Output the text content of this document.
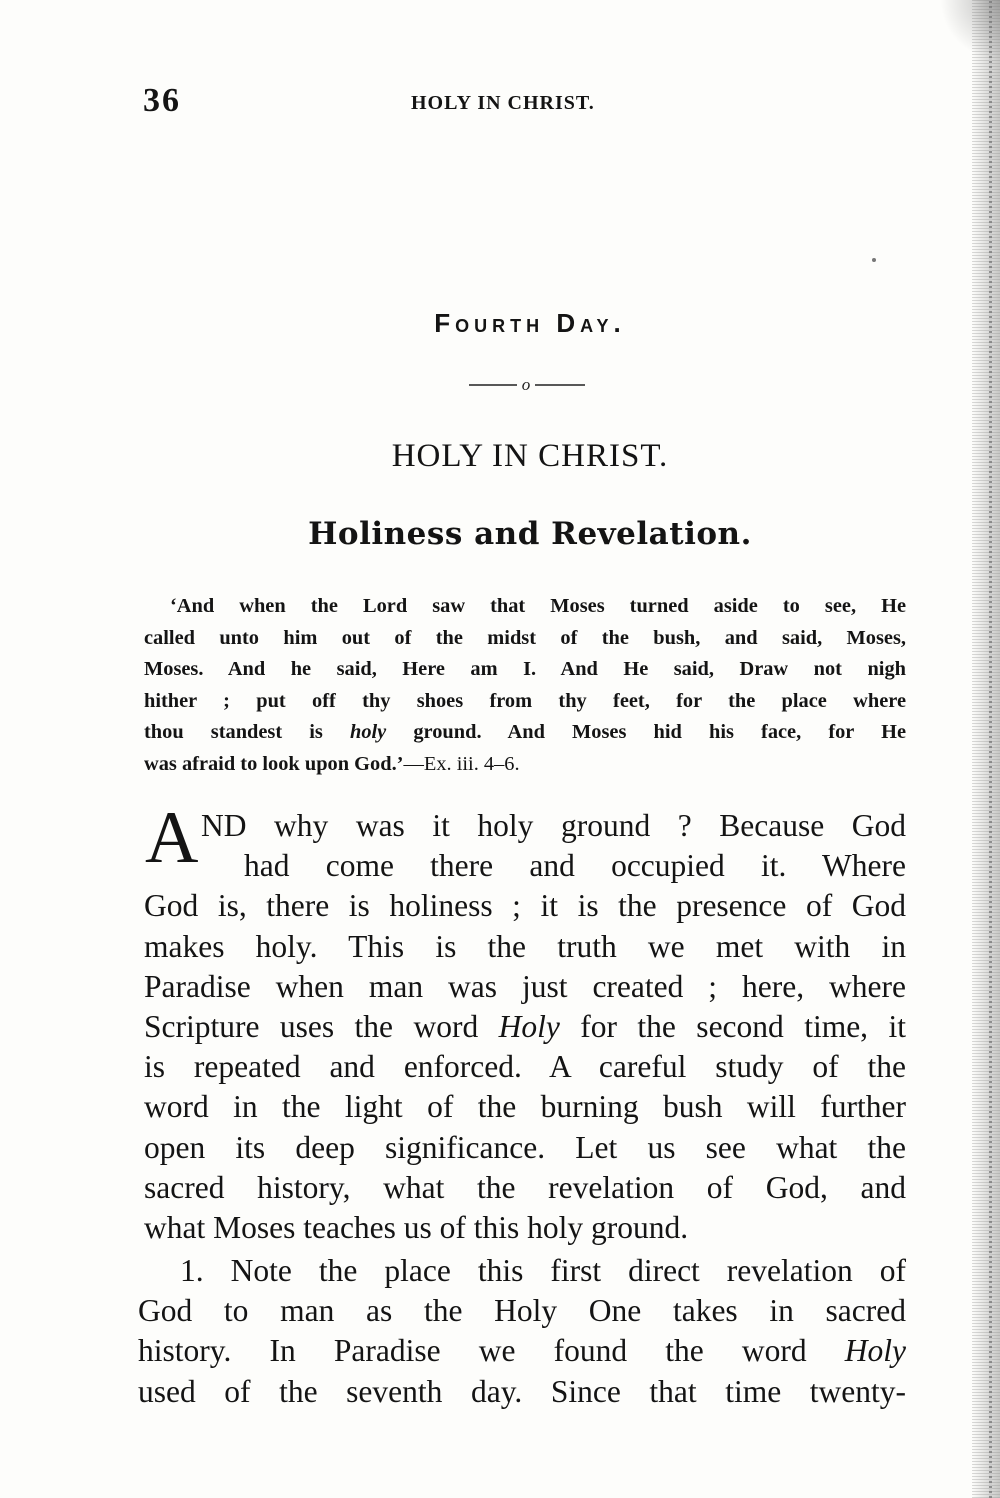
36	HOLY IN CHRIST.
Fourth Day.
o
HOLY IN CHRIST.
Holiness and Revelation.
‘And when the Lord saw that Moses turned aside to see, He
called unto him out of the midst of the bush, and said, Moses,
Moses. And he said, Here am I. And He said, Draw not nigh
hither ; put off thy shoes from thy feet, for the place where
thou standest is holy ground. And Moses hid his face, for He
was afraid to look upon God.’—Ex. iii. 4–6.
A ND why was it holy ground ? Because God
had come there and occupied it. Where
God is, there is holiness ; it is the presence of God
makes holy. This is the truth we met with in
Paradise when man was just created ; here, where
Scripture uses the word Holy for the second time, it
is repeated and enforced. A careful study of the
word in the light of the burning bush will further
open its deep significance. Let us see what the
sacred history, what the revelation of God, and
what Moses teaches us of this holy ground.
1. Note the place this first direct revelation of
God to man as the Holy One takes in sacred
history. In Paradise we found the word Holy
used of the seventh day. Since that time twenty-
